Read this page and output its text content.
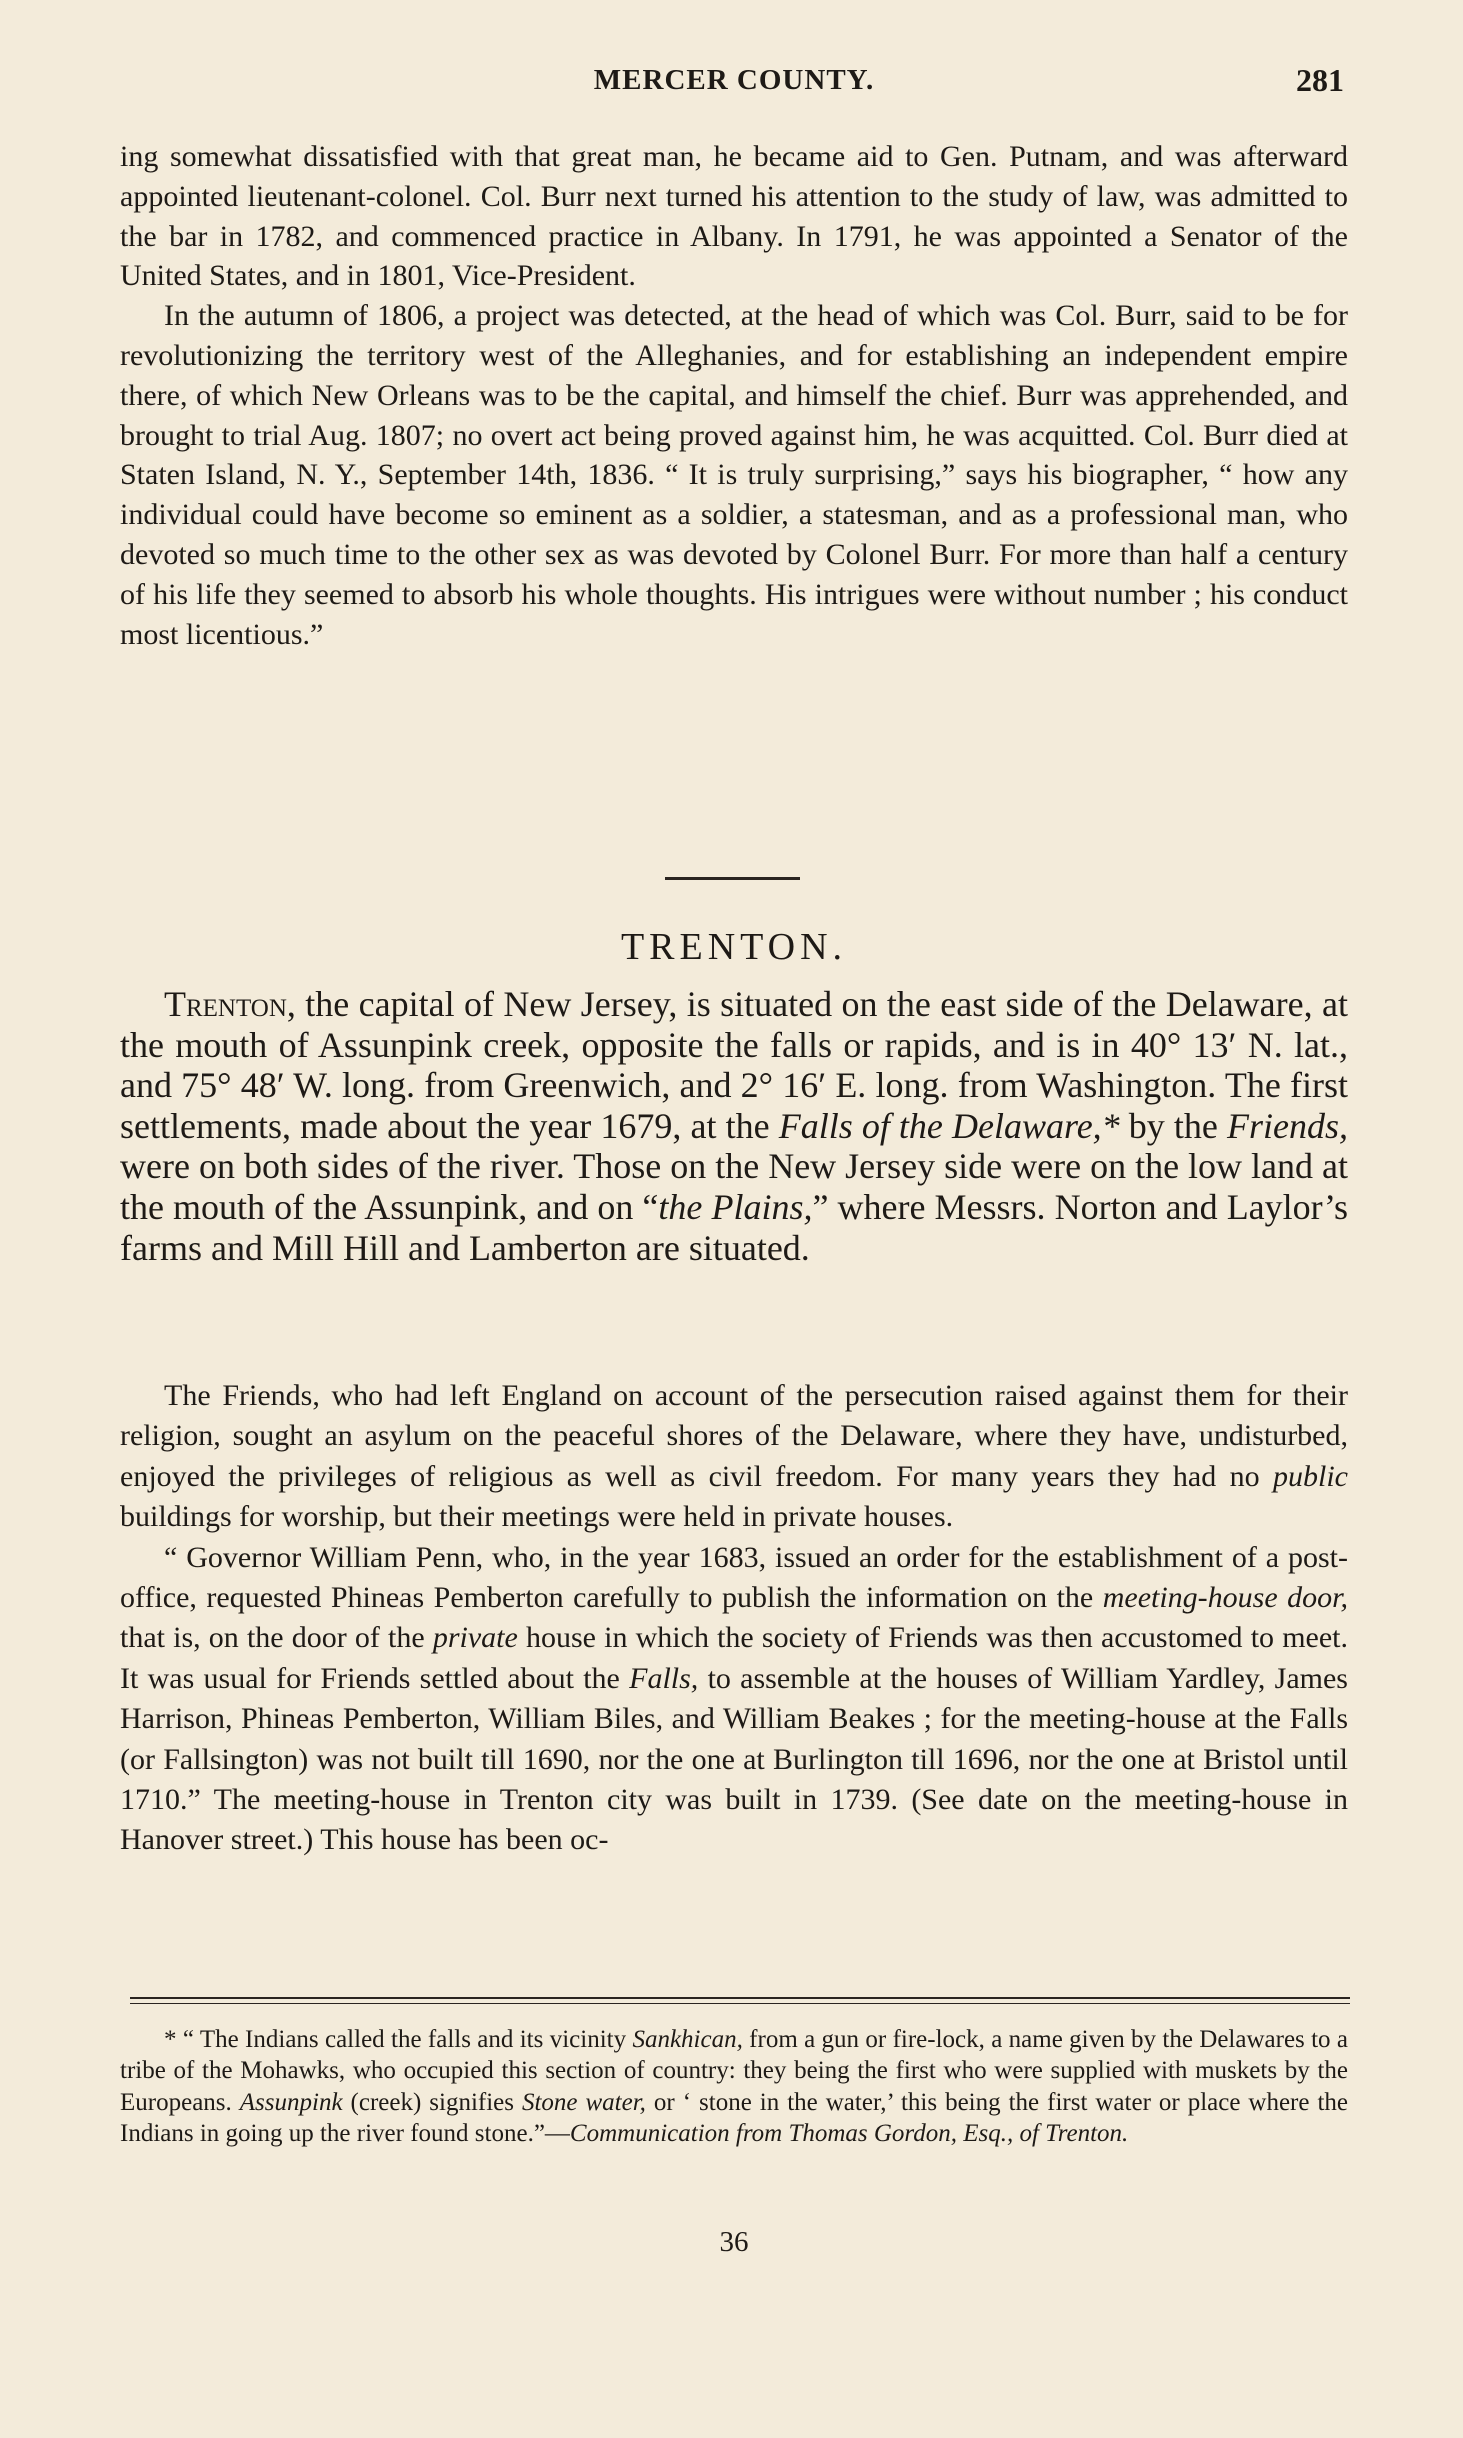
MERCER COUNTY.	281

ing somewhat dissatisfied with that great man, he became aid to Gen. Putnam, and was afterward appointed lieutenant-colonel. Col. Burr next turned his attention to the study of law, was admitted to the bar in 1782, and commenced practice in Albany. In 1791, he was appointed a Senator of the United States, and in 1801, Vice-President.

In the autumn of 1806, a project was detected, at the head of which was Col. Burr, said to be for revolutionizing the territory west of the Alleghanies, and for establishing an independent empire there, of which New Orleans was to be the capital, and himself the chief. Burr was apprehended, and brought to trial Aug. 1807; no overt act being proved against him, he was acquitted. Col. Burr died at Staten Island, N. Y., September 14th, 1836. “ It is truly surprising,” says his biographer, “ how any individual could have become so eminent as a soldier, a statesman, and as a professional man, who devoted so much time to the other sex as was devoted by Colonel Burr. For more than half a century of his life they seemed to absorb his whole thoughts. His intrigues were without number ; his conduct most licentious.”

TRENTON.

Trenton, the capital of New Jersey, is situated on the east side of the Delaware, at the mouth of Assunpink creek, opposite the falls or rapids, and is in 40° 13′ N. lat., and 75° 48′ W. long. from Greenwich, and 2° 16′ E. long. from Washington. The first settlements, made about the year 1679, at the Falls of the Delaware,* by the Friends, were on both sides of the river. Those on the New Jersey side were on the low land at the mouth of the Assunpink, and on “the Plains,” where Messrs. Norton and Laylor’s farms and Mill Hill and Lamberton are situated.

The Friends, who had left England on account of the persecution raised against them for their religion, sought an asylum on the peaceful shores of the Delaware, where they have, undisturbed, enjoyed the privileges of religious as well as civil freedom. For many years they had no public buildings for worship, but their meetings were held in private houses.

“ Governor William Penn, who, in the year 1683, issued an order for the establishment of a post-office, requested Phineas Pemberton carefully to publish the information on the meeting-house door, that is, on the door of the private house in which the society of Friends was then accustomed to meet. It was usual for Friends settled about the Falls, to assemble at the houses of William Yardley, James Harrison, Phineas Pemberton, William Biles, and William Beakes ; for the meeting-house at the Falls (or Fallsington) was not built till 1690, nor the one at Burlington till 1696, nor the one at Bristol until 1710.” The meeting-house in Trenton city was built in 1739. (See date on the meeting-house in Hanover street.) This house has been oc-

* “ The Indians called the falls and its vicinity Sankhican, from a gun or fire-lock, a name given by the Delawares to a tribe of the Mohawks, who occupied this section of country: they being the first who were supplied with muskets by the Europeans. Assunpink (creek) signifies Stone water, or ‘ stone in the water,’ this being the first water or place where the Indians in going up the river found stone.”—Communication from Thomas Gordon, Esq., of Trenton.

36
